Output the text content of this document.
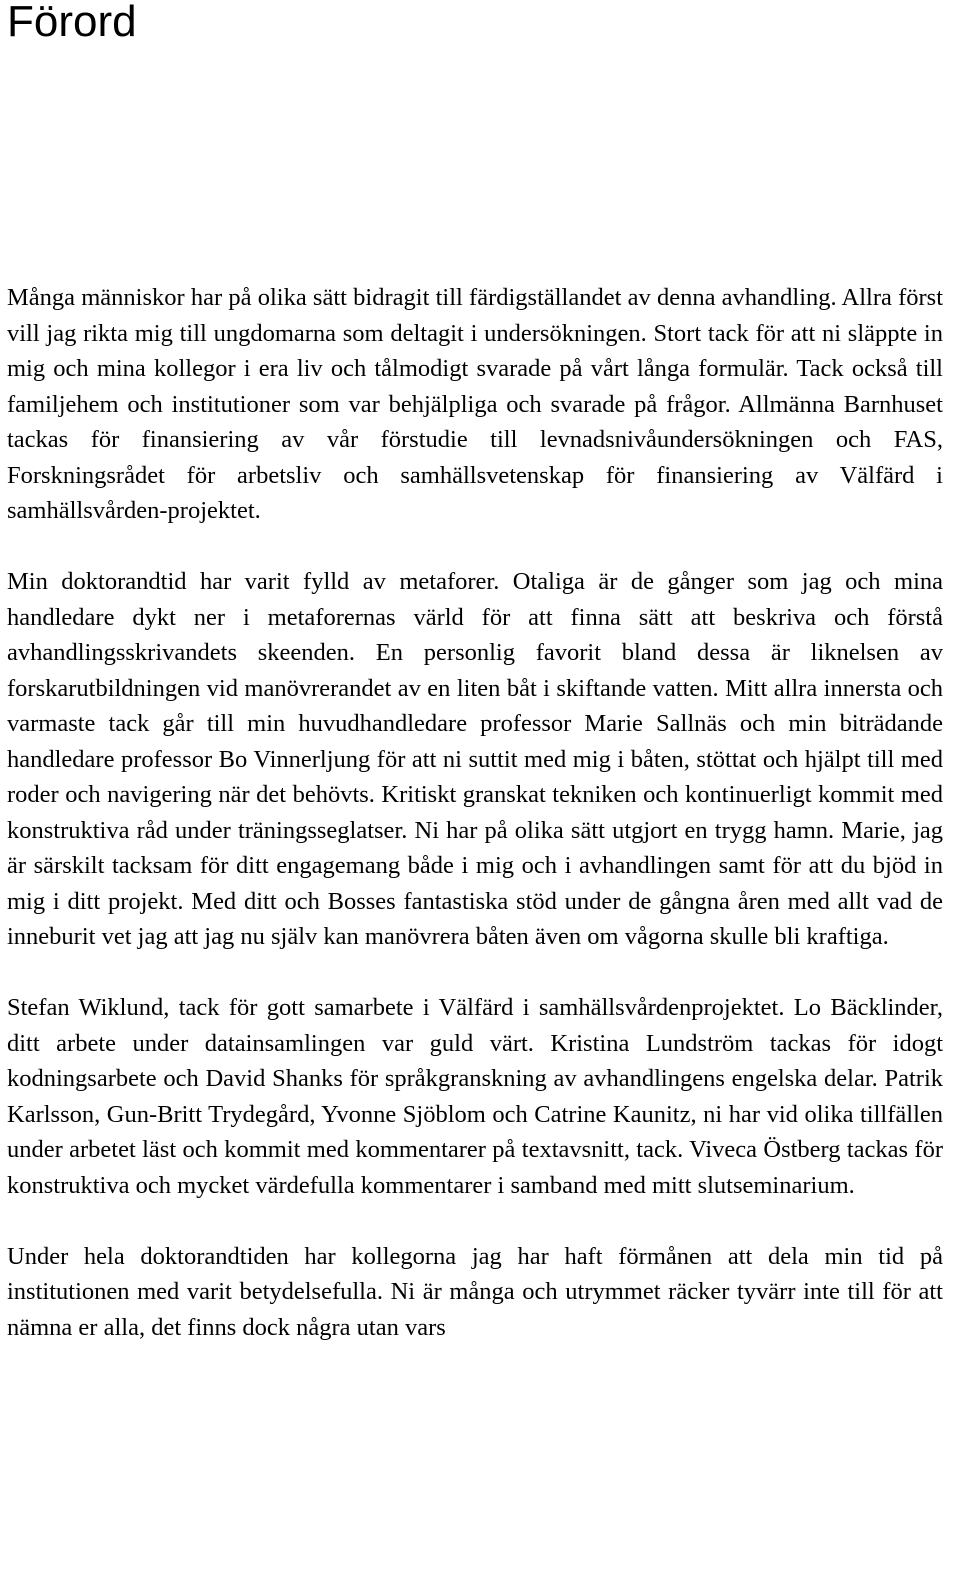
Förord

Många människor har på olika sätt bidragit till färdigställandet av denna avhandling. Allra först vill jag rikta mig till ungdomarna som deltagit i undersökningen. Stort tack för att ni släppte in mig och mina kollegor i era liv och tålmodigt svarade på vårt långa formulär. Tack också till familjehem och institutioner som var behjälpliga och svarade på frågor. Allmänna Barnhuset tackas för finansiering av vår förstudie till levnadsnivåundersökningen och FAS, Forskningsrådet för arbetsliv och samhällsvetenskap för finansiering av Välfärd i samhällsvården-projektet.

Min doktorandtid har varit fylld av metaforer. Otaliga är de gånger som jag och mina handledare dykt ner i metaforernas värld för att finna sätt att beskriva och förstå avhandlingsskrivandets skeenden. En personlig favorit bland dessa är liknelsen av forskarutbildningen vid manövrerandet av en liten båt i skiftande vatten. Mitt allra innersta och varmaste tack går till min huvudhandledare professor Marie Sallnäs och min biträdande handledare professor Bo Vinnerljung för att ni suttit med mig i båten, stöttat och hjälpt till med roder och navigering när det behövts. Kritiskt granskat tekniken och kontinuerligt kommit med konstruktiva råd under träningsseglatser. Ni har på olika sätt utgjort en trygg hamn. Marie, jag är särskilt tacksam för ditt engagemang både i mig och i avhandlingen samt för att du bjöd in mig i ditt projekt. Med ditt och Bosses fantastiska stöd under de gångna åren med allt vad de inneburit vet jag att jag nu själv kan manövrera båten även om vågorna skulle bli kraftiga.

Stefan Wiklund, tack för gott samarbete i Välfärd i samhällsvårdenprojektet. Lo Bäcklinder, ditt arbete under datainsamlingen var guld värt. Kristina Lundström tackas för idogt kodningsarbete och David Shanks för språkgranskning av avhandlingens engelska delar. Patrik Karlsson, Gun-Britt Trydegård, Yvonne Sjöblom och Catrine Kaunitz, ni har vid olika tillfällen under arbetet läst och kommit med kommentarer på textavsnitt, tack. Viveca Östberg tackas för konstruktiva och mycket värdefulla kommentarer i samband med mitt slutseminarium.

Under hela doktorandtiden har kollegorna jag har haft förmånen att dela min tid på institutionen med varit betydelsefulla. Ni är många och utrymmet räcker tyvärr inte till för att nämna er alla, det finns dock några utan vars
